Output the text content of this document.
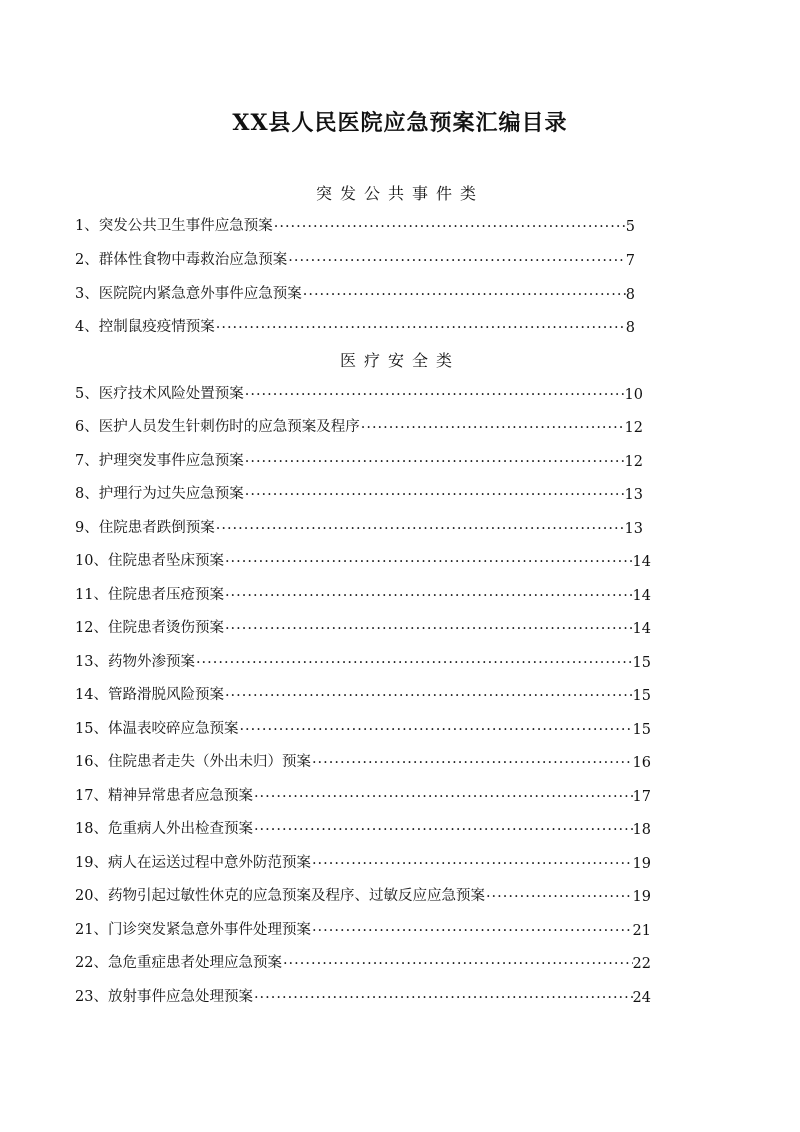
XX县人民医院应急预案汇编目录
突发公共事件类
1、突发公共卫生事件应急预案 ·····	5
2、群体性食物中毒救治应急预案 ·····	7
3、医院院内紧急意外事件应急预案 ·····	8
4、控制鼠疫疫情预案 ·····	8
医疗安全类
5、医疗技术风险处置预案 ·····	10
6、医护人员发生针刺伤时的应急预案及程序 ·····	12
7、护理突发事件应急预案 ·····	12
8、护理行为过失应急预案 ·····	13
9、住院患者跌倒预案 ·····	13
10、住院患者坠床预案 ·····	14
11、住院患者压疮预案 ·····	14
12、住院患者烫伤预案 ·····	14
13、药物外渗预案 ·····	15
14、管路滑脱风险预案 ·····	15
15、体温表咬碎应急预案 ·····	15
16、住院患者走失（外出未归）预案 ·····	16
17、精神异常患者应急预案 ·····	17
18、危重病人外出检查预案 ·····	18
19、病人在运送过程中意外防范预案 ·····	19
20、药物引起过敏性休克的应急预案及程序、过敏反应应急预案 ·····	19
21、门诊突发紧急意外事件处理预案 ·····	21
22、急危重症患者处理应急预案 ·····	22
23、放射事件应急处理预案 ·····	24
